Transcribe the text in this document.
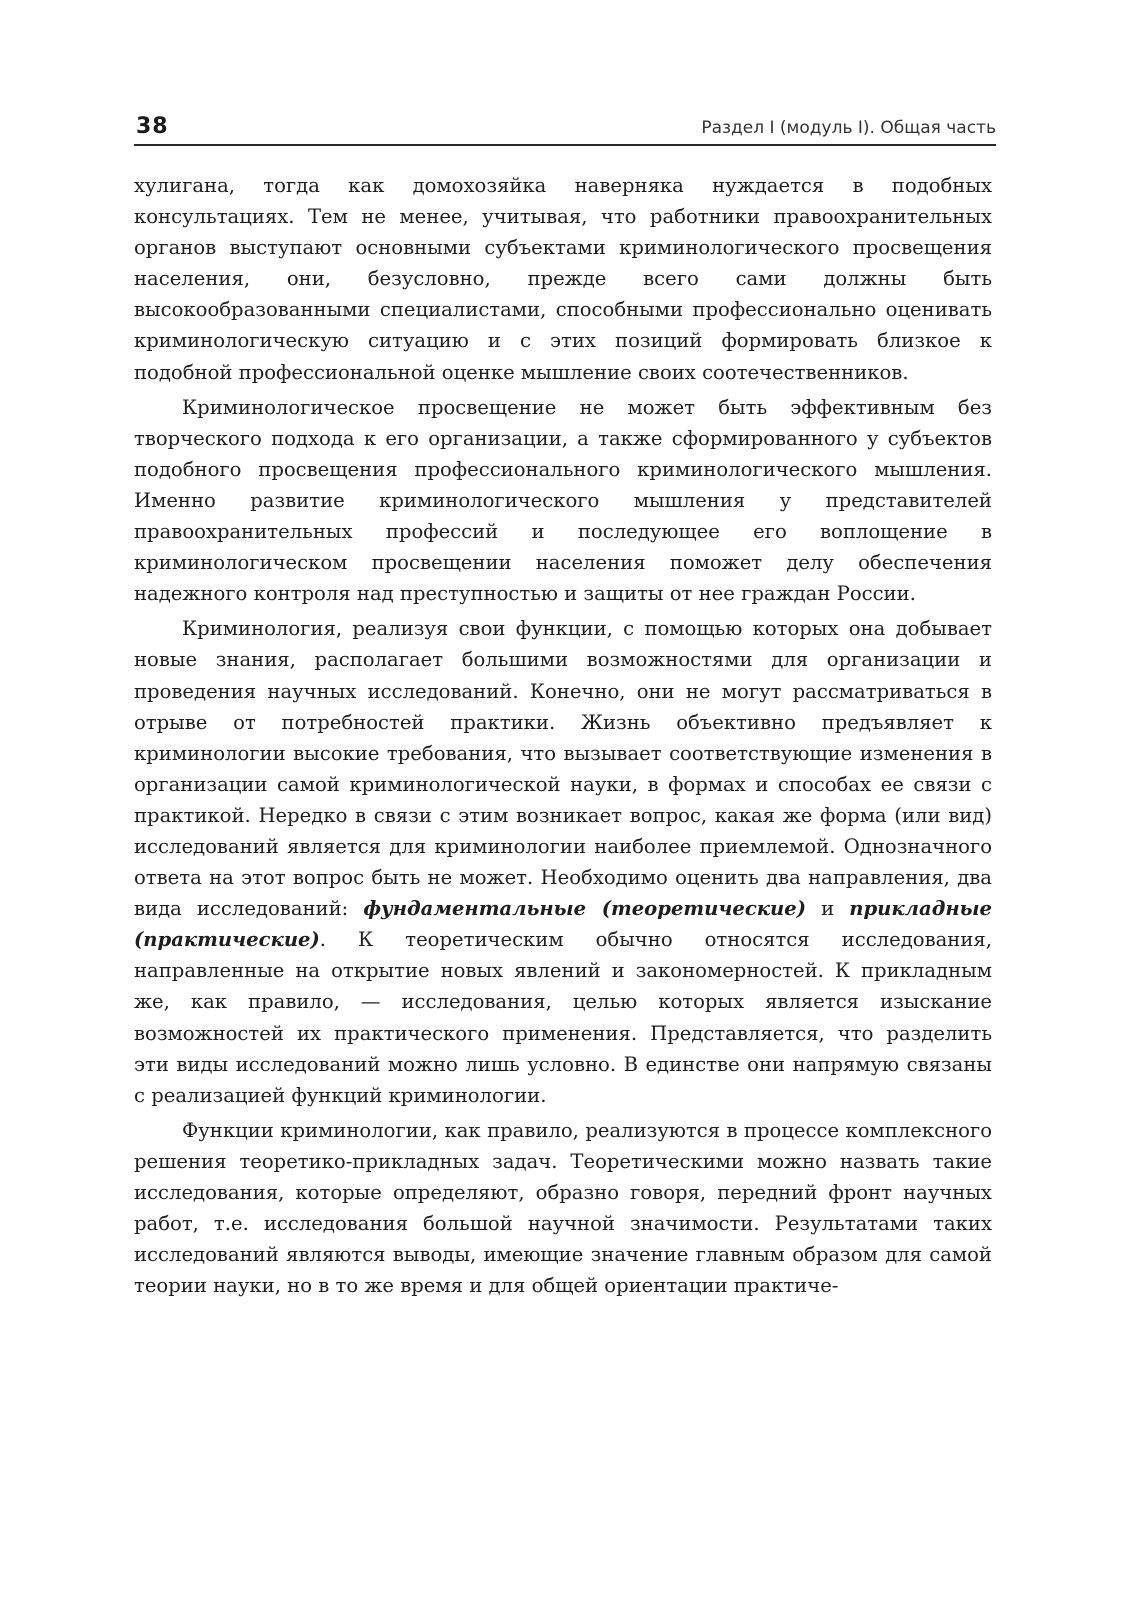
38	Раздел I (модуль I). Общая часть

хулигана, тогда как домохозяйка наверняка нуждается в подобных консультациях. Тем не менее, учитывая, что работники правоохранительных органов выступают основными субъектами криминологического просвещения населения, они, безусловно, прежде всего сами должны быть высокообразованными специалистами, способными профессионально оценивать криминологическую ситуацию и с этих позиций формировать близкое к подобной профессиональной оценке мышление своих соотечественников.

Криминологическое просвещение не может быть эффективным без творческого подхода к его организации, а также сформированного у субъектов подобного просвещения профессионального криминологического мышления. Именно развитие криминологического мышления у представителей правоохранительных профессий и последующее его воплощение в криминологическом просвещении населения поможет делу обеспечения надежного контроля над преступностью и защиты от нее граждан России.

Криминология, реализуя свои функции, с помощью которых она добывает новые знания, располагает большими возможностями для организации и проведения научных исследований. Конечно, они не могут рассматриваться в отрыве от потребностей практики. Жизнь объективно предъявляет к криминологии высокие требования, что вызывает соответствующие изменения в организации самой криминологической науки, в формах и способах ее связи с практикой. Нередко в связи с этим возникает вопрос, какая же форма (или вид) исследований является для криминологии наиболее приемлемой. Однозначного ответа на этот вопрос быть не может. Необходимо оценить два направления, два вида исследований: фундаментальные (теоретические) и прикладные (практические). К теоретическим обычно относятся исследования, направленные на открытие новых явлений и закономерностей. К прикладным же, как правило, — исследования, целью которых является изыскание возможностей их практического применения. Представляется, что разделить эти виды исследований можно лишь условно. В единстве они напрямую связаны с реализацией функций криминологии.

Функции криминологии, как правило, реализуются в процессе комплексного решения теоретико-прикладных задач. Теоретическими можно назвать такие исследования, которые определяют, образно говоря, передний фронт научных работ, т.е. исследования большой научной значимости. Результатами таких исследований являются выводы, имеющие значение главным образом для самой теории науки, но в то же время и для общей ориентации практиче-
